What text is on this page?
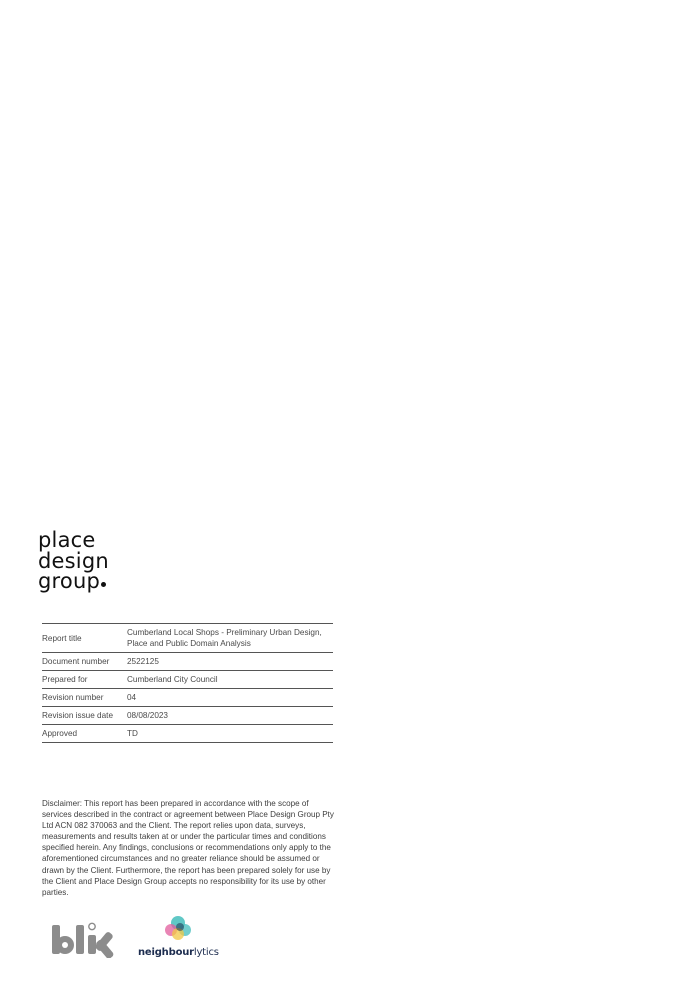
place
design
group
Report title	Cumberland Local Shops - Preliminary Urban Design, Place and Public Domain Analysis
Document number	2522125
Prepared for	Cumberland City Council
Revision number	04
Revision issue date	08/08/2023
Approved	TD
Disclaimer: This report has been prepared in accordance with the scope of services described in the contract or agreement between Place Design Group Pty Ltd ACN 082 370063 and the Client. The report relies upon data, surveys, measurements and results taken at or under the particular times and conditions specified herein. Any findings, conclusions or recommendations only apply to the aforementioned circumstances and no greater reliance should be assumed or drawn by the Client. Furthermore, the report has been prepared solely for use by the Client and Place Design Group accepts no responsibility for its use by other parties.
neighbourlytics
